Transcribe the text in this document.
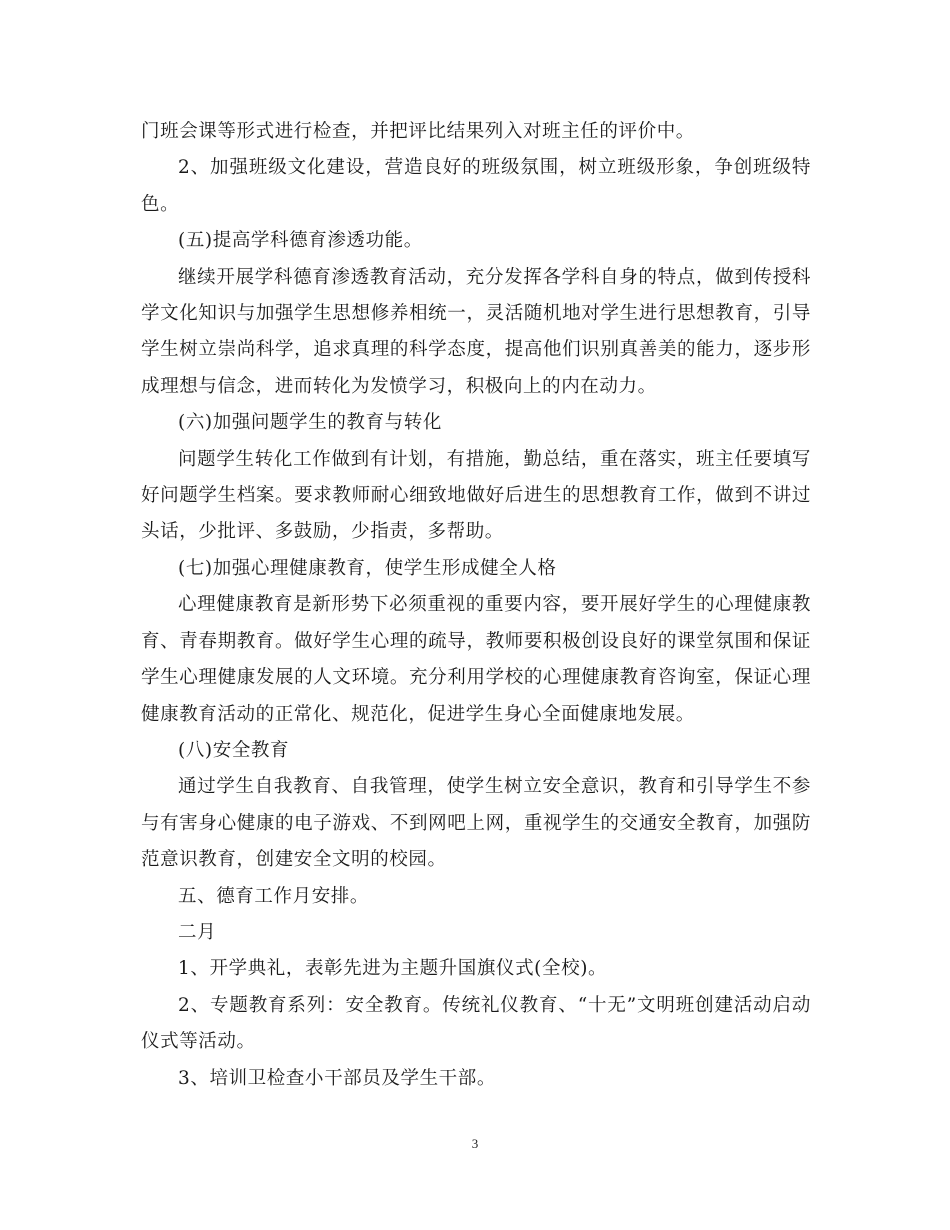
门班会课等形式进行检查，并把评比结果列入对班主任的评价中。

2、加强班级文化建设，营造良好的班级氛围，树立班级形象，争创班级特色。

(五)提高学科德育渗透功能。

继续开展学科德育渗透教育活动，充分发挥各学科自身的特点，做到传授科学文化知识与加强学生思想修养相统一，灵活随机地对学生进行思想教育，引导学生树立崇尚科学，追求真理的科学态度，提高他们识别真善美的能力，逐步形成理想与信念，进而转化为发愤学习，积极向上的内在动力。

(六)加强问题学生的教育与转化

问题学生转化工作做到有计划，有措施，勤总结，重在落实，班主任要填写好问题学生档案。要求教师耐心细致地做好后进生的思想教育工作，做到不讲过头话，少批评、多鼓励，少指责，多帮助。

(七)加强心理健康教育，使学生形成健全人格

心理健康教育是新形势下必须重视的重要内容，要开展好学生的心理健康教育、青春期教育。做好学生心理的疏导，教师要积极创设良好的课堂氛围和保证学生心理健康发展的人文环境。充分利用学校的心理健康教育咨询室，保证心理健康教育活动的正常化、规范化，促进学生身心全面健康地发展。

(八)安全教育

通过学生自我教育、自我管理，使学生树立安全意识，教育和引导学生不参与有害身心健康的电子游戏、不到网吧上网，重视学生的交通安全教育，加强防范意识教育，创建安全文明的校园。

五、德育工作月安排。

二月

1、开学典礼，表彰先进为主题升国旗仪式(全校)。

2、专题教育系列：安全教育。传统礼仪教育、“十无”文明班创建活动启动仪式等活动。

3、培训卫检查小干部员及学生干部。

3
